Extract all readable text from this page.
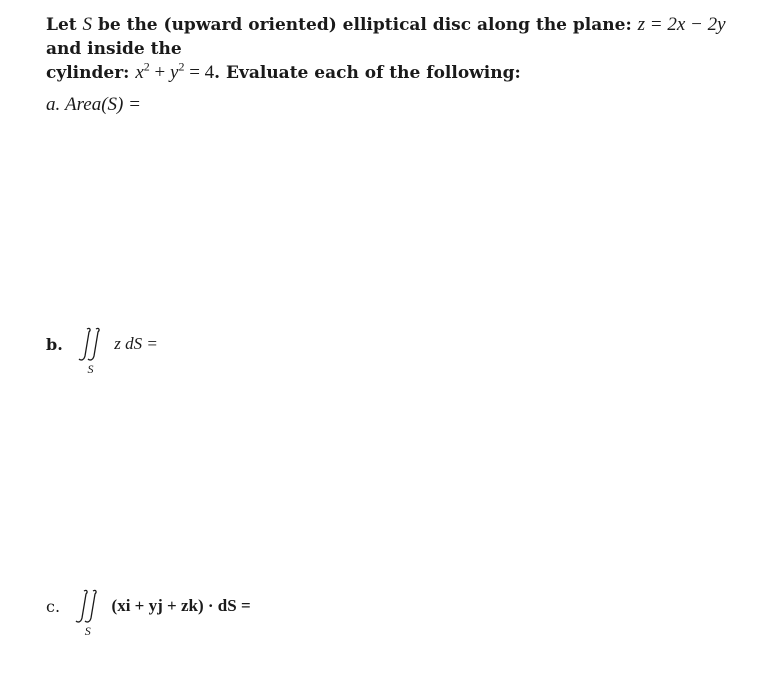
Let S be the (upward oriented) elliptical disc along the plane: z = 2x − 2y and inside the
cylinder: $x^2 + y^2 = 4$. Evaluate each of the following:
a. Area(S) =
b.
S
z dS =
c.
S
(xi + yj + zk) · dS =
